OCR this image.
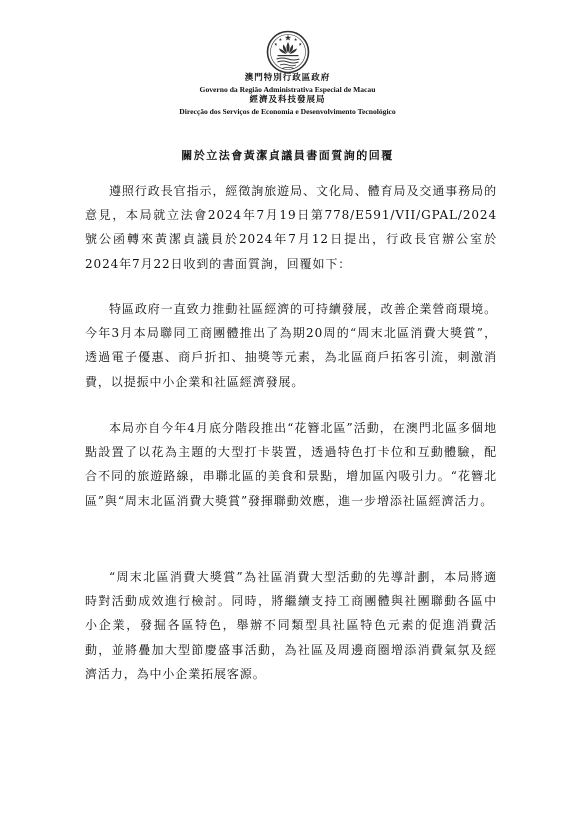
澳門特別行政區政府
Governo da Região Administrativa Especial de Macau
經濟及科技發展局
Direcção dos Serviços de Economia e Desenvolvimento Tecnológico
關於立法會黃潔貞議員書面質詢的回覆

遵照行政長官指示，經徵詢旅遊局、文化局、體育局及交通事務局的意見，本局就立法會2024年7月19日第778/E591/VII/GPAL/2024號公函轉來黃潔貞議員於2024年7月12日提出，行政長官辦公室於2024年7月22日收到的書面質詢，回覆如下：

特區政府一直致力推動社區經濟的可持續發展，改善企業營商環境。今年3月本局聯同工商團體推出了為期20周的“周末北區消費大獎賞”，透過電子優惠、商戶折扣、抽獎等元素，為北區商戶拓客引流，刺激消費，以提振中小企業和社區經濟發展。

本局亦自今年4月底分階段推出“花簪北區”活動，在澳門北區多個地點設置了以花為主題的大型打卡裝置，透過特色打卡位和互動體驗，配合不同的旅遊路線，串聯北區的美食和景點，增加區內吸引力。“花簪北區”與“周末北區消費大獎賞”發揮聯動效應，進一步增添社區經濟活力。

“周末北區消費大獎賞”為社區消費大型活動的先導計劃，本局將適時對活動成效進行檢討。同時，將繼續支持工商團體與社團聯動各區中小企業，發掘各區特色，舉辦不同類型具社區特色元素的促進消費活動，並將疊加大型節慶盛事活動，為社區及周邊商圈增添消費氣氛及經濟活力，為中小企業拓展客源。
